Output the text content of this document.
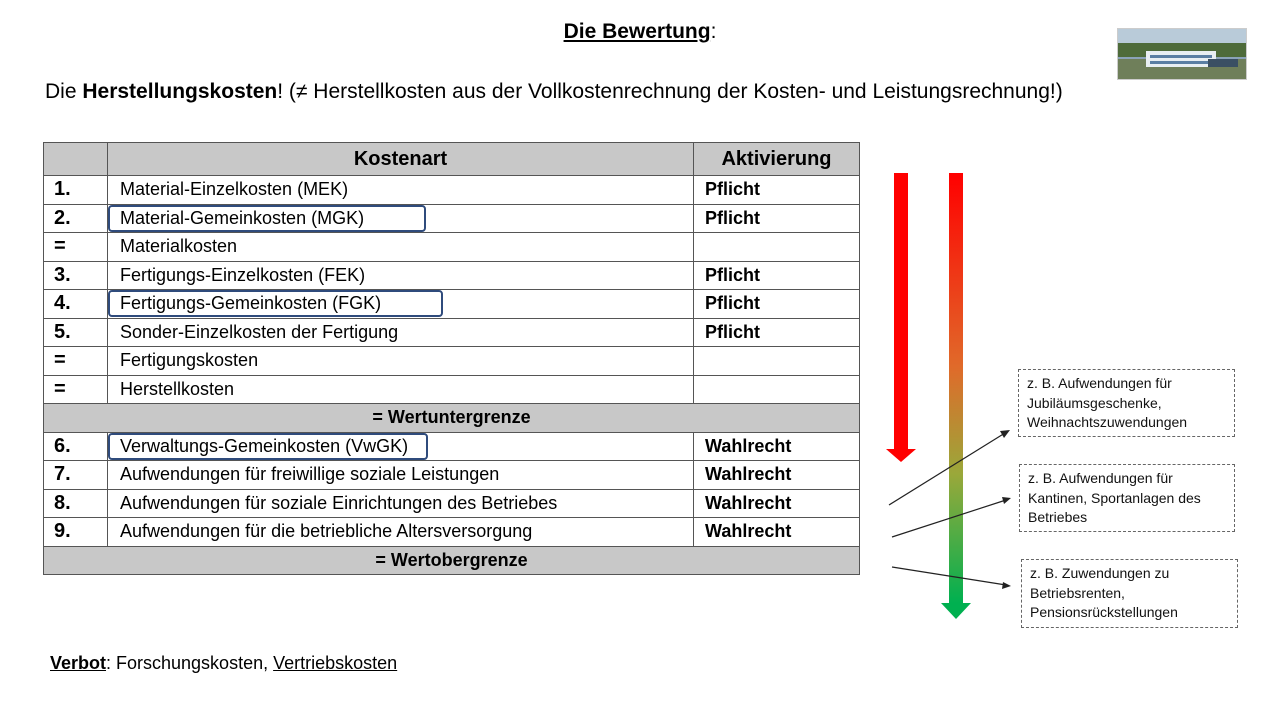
Die Bewertung:
Die Herstellungskosten! (≠ Herstellkosten aus der Vollkostenrechnung der Kosten- und Leistungsrechnung!)
	Kostenart	Aktivierung
1.	Material-Einzelkosten (MEK)	Pflicht
2.	Material-Gemeinkosten (MGK)	Pflicht
=	Materialkosten	
3.	Fertigungs-Einzelkosten (FEK)	Pflicht
4.	Fertigungs-Gemeinkosten (FGK)	Pflicht
5.	Sonder-Einzelkosten der Fertigung	Pflicht
=	Fertigungskosten	
=	Herstellkosten	
= Wertuntergrenze		
6.	Verwaltungs-Gemeinkosten (VwGK)	Wahlrecht
7.	Aufwendungen für freiwillige soziale Leistungen	Wahlrecht
8.	Aufwendungen für soziale Einrichtungen des Betriebes	Wahlrecht
9.	Aufwendungen für die betriebliche Altersversorgung	Wahlrecht
= Wertobergrenze		
z. B. Aufwendungen für Jubiläumsgeschenke, Weihnachtszuwendungen
z. B. Aufwendungen für Kantinen, Sportanlagen des Betriebes
z. B. Zuwendungen zu Betriebsrenten, Pensionsrückstellungen
Verbot: Forschungskosten, Vertriebskosten
